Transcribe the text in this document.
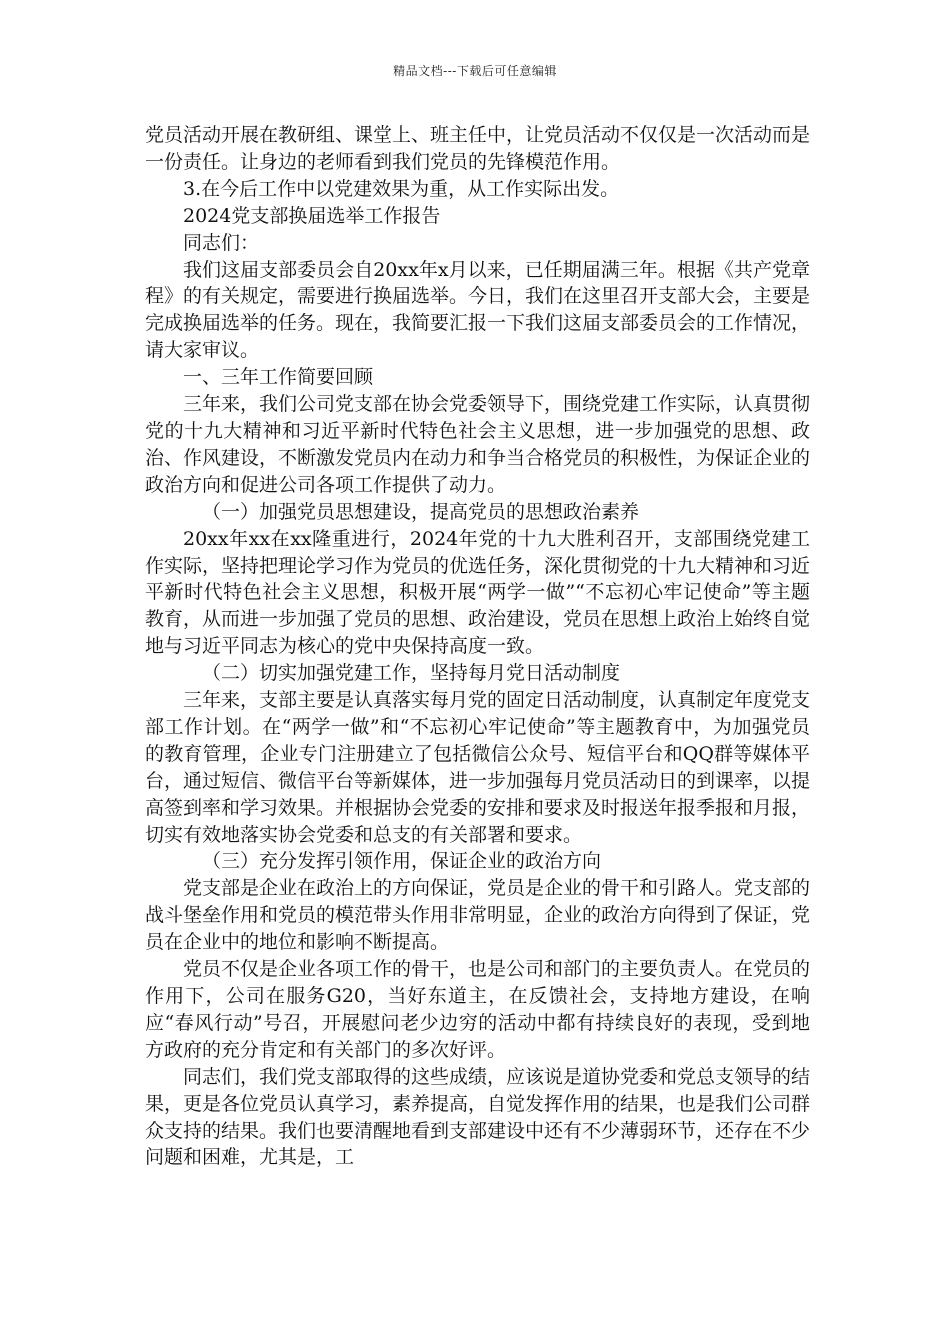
精品文档---下载后可任意编辑

党员活动开展在教研组、课堂上、班主任中，让党员活动不仅仅是一次活动而是一份责任。让身边的老师看到我们党员的先锋模范作用。

3.在今后工作中以党建效果为重，从工作实际出发。

2024党支部换届选举工作报告

同志们：

我们这届支部委员会自20xx年x月以来，已任期届满三年。根据《共产党章程》的有关规定，需要进行换届选举。今日，我们在这里召开支部大会，主要是完成换届选举的任务。现在，我简要汇报一下我们这届支部委员会的工作情况，请大家审议。

一、三年工作简要回顾

三年来，我们公司党支部在协会党委领导下，围绕党建工作实际，认真贯彻党的十九大精神和习近平新时代特色社会主义思想，进一步加强党的思想、政治、作风建设，不断激发党员内在动力和争当合格党员的积极性，为保证企业的政治方向和促进公司各项工作提供了动力。

（一）加强党员思想建设，提高党员的思想政治素养

20xx年xx在xx隆重进行，2024年党的十九大胜利召开，支部围绕党建工作实际，坚持把理论学习作为党员的优选任务，深化贯彻党的十九大精神和习近平新时代特色社会主义思想，积极开展“两学一做”“不忘初心牢记使命”等主题教育，从而进一步加强了党员的思想、政治建设，党员在思想上政治上始终自觉地与习近平同志为核心的党中央保持高度一致。

（二）切实加强党建工作，坚持每月党日活动制度

三年来，支部主要是认真落实每月党的固定日活动制度，认真制定年度党支部工作计划。在“两学一做”和“不忘初心牢记使命”等主题教育中，为加强党员的教育管理，企业专门注册建立了包括微信公众号、短信平台和QQ群等媒体平台，通过短信、微信平台等新媒体，进一步加强每月党员活动日的到课率，以提高签到率和学习效果。并根据协会党委的安排和要求及时报送年报季报和月报，切实有效地落实协会党委和总支的有关部署和要求。

（三）充分发挥引领作用，保证企业的政治方向

党支部是企业在政治上的方向保证，党员是企业的骨干和引路人。党支部的战斗堡垒作用和党员的模范带头作用非常明显，企业的政治方向得到了保证，党员在企业中的地位和影响不断提高。

党员不仅是企业各项工作的骨干，也是公司和部门的主要负责人。在党员的作用下，公司在服务G20，当好东道主，在反馈社会，支持地方建设，在响应“春风行动”号召，开展慰问老少边穷的活动中都有持续良好的表现，受到地方政府的充分肯定和有关部门的多次好评。

同志们，我们党支部取得的这些成绩，应该说是道协党委和党总支领导的结果，更是各位党员认真学习，素养提高，自觉发挥作用的结果，也是我们公司群众支持的结果。我们也要清醒地看到支部建设中还有不少薄弱环节，还存在不少问题和困难，尤其是，工
